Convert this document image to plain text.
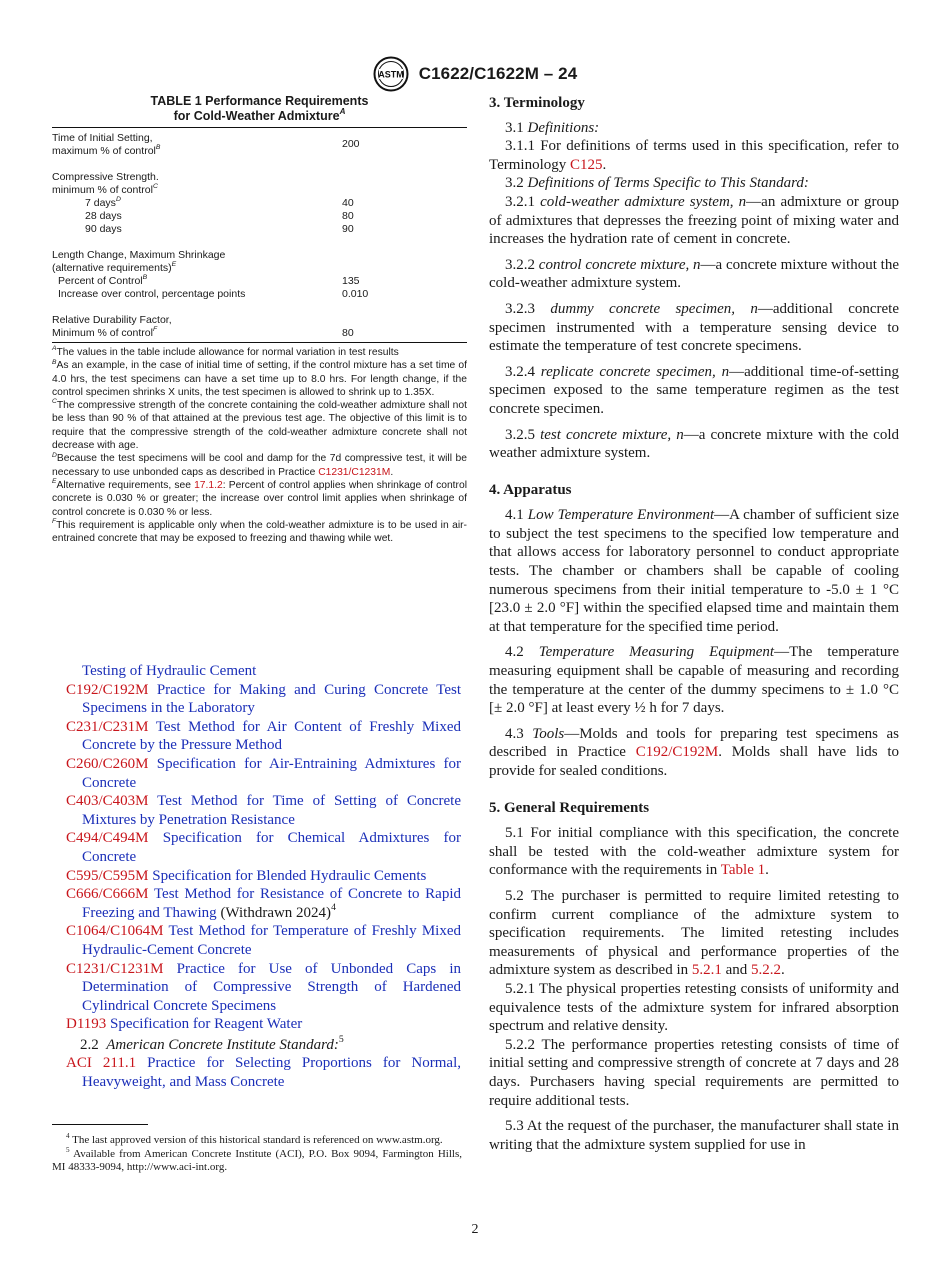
ASTM C1622/C1622M – 24
TABLE 1 Performance Requirements
for Cold-Weather Admixture$^A$
Time of Initial Setting,	
maximum % of control$^B$	200

Compressive Strength.	
minimum % of control$^C$	
7 days$^D$	40
28 days	80
90 days	90

Length Change, Maximum Shrinkage	
(alternative requirements)$^E$	
Percent of Control$^B$	135
Increase over control, percentage points	0.010

Relative Durability Factor,	
Minimum % of control$^F$	80

$^A$The values in the table include allowance for normal variation in test results

$^B$As an example, in the case of initial time of setting, if the control mixture has a set time of 4.0 hrs, the test specimens can have a set time up to 8.0 hrs. For length change, if the control specimen shrinks X units, the test specimen is allowed to shrink up to 1.35X.

$^C$The compressive strength of the concrete containing the cold-weather admixture shall not be less than 90 % of that attained at the previous test age. The objective of this limit is to require that the compressive strength of the cold-weather admixture concrete shall not decrease with age.

$^D$Because the test specimens will be cool and damp for the 7d compressive test, it will be necessary to use unbonded caps as described in Practice C1231/C1231M.

$^E$Alternative requirements, see 17.1.2: Percent of control applies when shrinkage of control concrete is 0.030 % or greater; the increase over control limit applies when shrinkage of control concrete is 0.030 % or less.

$^F$This requirement is applicable only when the cold-weather admixture is to be used in air-entrained concrete that may be exposed to freezing and thawing while wet.

Testing of Hydraulic Cement
C192/C192M Practice for Making and Curing Concrete Test Specimens in the Laboratory
C231/C231M Test Method for Air Content of Freshly Mixed Concrete by the Pressure Method
C260/C260M Specification for Air-Entraining Admixtures for Concrete
C403/C403M Test Method for Time of Setting of Concrete Mixtures by Penetration Resistance
C494/C494M Specification for Chemical Admixtures for Concrete
C595/C595M Specification for Blended Hydraulic Cements
C666/C666M Test Method for Resistance of Concrete to Rapid Freezing and Thawing (Withdrawn 2024)$^4$
C1064/C1064M Test Method for Temperature of Freshly Mixed Hydraulic-Cement Concrete
C1231/C1231M Practice for Use of Unbonded Caps in Determination of Compressive Strength of Hardened Cylindrical Concrete Specimens
D1193 Specification for Reagent Water
2.2 American Concrete Institute Standard:$^5$
ACI 211.1 Practice for Selecting Proportions for Normal, Heavyweight, and Mass Concrete

$^4$ The last approved version of this historical standard is referenced on www.astm.org.

$^5$ Available from American Concrete Institute (ACI), P.O. Box 9094, Farmington Hills, MI 48333-9094, http://www.aci-int.org.

3. Terminology

3.1 Definitions:

3.1.1 For definitions of terms used in this specification, refer to Terminology C125.

3.2 Definitions of Terms Specific to This Standard:

3.2.1 cold-weather admixture system, n—an admixture or group of admixtures that depresses the freezing point of mixing water and increases the hydration rate of cement in concrete.

3.2.2 control concrete mixture, n—a concrete mixture without the cold-weather admixture system.

3.2.3 dummy concrete specimen, n—additional concrete specimen instrumented with a temperature sensing device to estimate the temperature of test concrete specimens.

3.2.4 replicate concrete specimen, n—additional time-of-setting specimen exposed to the same temperature regimen as the test concrete specimen.

3.2.5 test concrete mixture, n—a concrete mixture with the cold weather admixture system.

4. Apparatus

4.1 Low Temperature Environment—A chamber of sufficient size to subject the test specimens to the specified low temperature and that allows access for laboratory personnel to conduct appropriate tests. The chamber or chambers shall be capable of cooling numerous specimens from their initial temperature to -5.0 ± 1 °C [23.0 ± 2.0 °F] within the specified elapsed time and maintain them at that temperature for the specified time period.

4.2 Temperature Measuring Equipment—The temperature measuring equipment shall be capable of measuring and recording the temperature at the center of the dummy specimens to ± 1.0 °C [± 2.0 °F] at least every ½ h for 7 days.

4.3 Tools—Molds and tools for preparing test specimens as described in Practice C192/C192M. Molds shall have lids to provide for sealed conditions.

5. General Requirements

5.1 For initial compliance with this specification, the concrete shall be tested with the cold-weather admixture system for conformance with the requirements in Table 1.

5.2 The purchaser is permitted to require limited retesting to confirm current compliance of the admixture system to specification requirements. The limited retesting includes measurements of physical and performance properties of the admixture system as described in 5.2.1 and 5.2.2.

5.2.1 The physical properties retesting consists of uniformity and equivalence tests of the admixture system for infrared absorption spectrum and relative density.

5.2.2 The performance properties retesting consists of time of initial setting and compressive strength of concrete at 7 days and 28 days. Purchasers having special requirements are permitted to require additional tests.

5.3 At the request of the purchaser, the manufacturer shall state in writing that the admixture system supplied for use in

2
